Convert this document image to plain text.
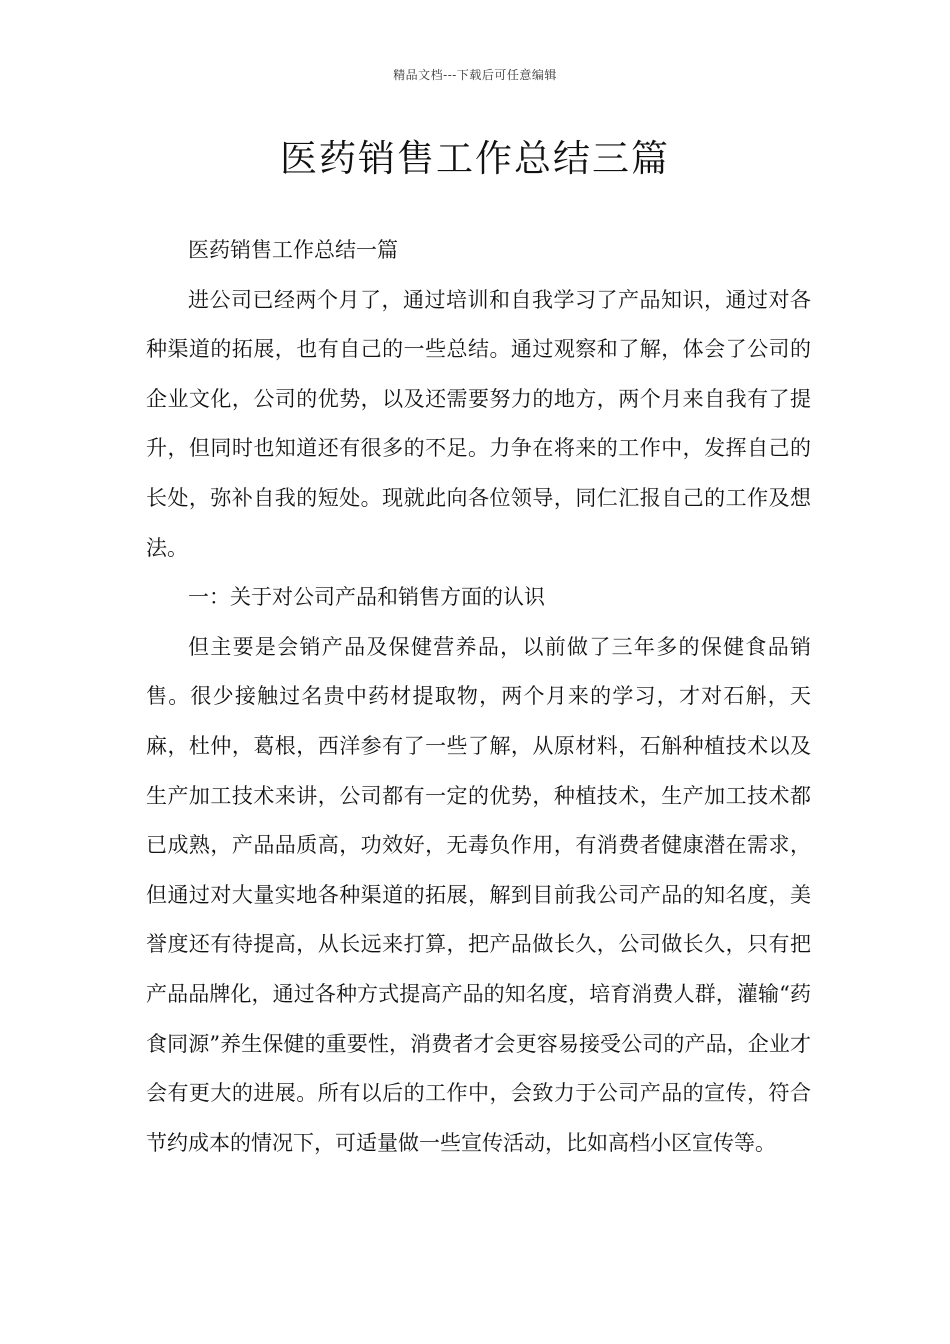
精品文档---下载后可任意编辑
医药销售工作总结三篇

医药销售工作总结一篇

进公司已经两个月了，通过培训和自我学习了产品知识，通过对各种渠道的拓展，也有自己的一些总结。通过观察和了解，体会了公司的企业文化，公司的优势，以及还需要努力的地方，两个月来自我有了提升，但同时也知道还有很多的不足。力争在将来的工作中，发挥自己的长处，弥补自我的短处。现就此向各位领导，同仁汇报自己的工作及想法。

一：关于对公司产品和销售方面的认识

但主要是会销产品及保健营养品，以前做了三年多的保健食品销售。很少接触过名贵中药材提取物，两个月来的学习，才对石斛，天麻，杜仲，葛根，西洋参有了一些了解，从原材料，石斛种植技术以及生产加工技术来讲，公司都有一定的优势，种植技术，生产加工技术都已成熟，产品品质高，功效好，无毒负作用，有消费者健康潜在需求，但通过对大量实地各种渠道的拓展，解到目前我公司产品的知名度，美誉度还有待提高，从长远来打算，把产品做长久，公司做长久，只有把产品品牌化，通过各种方式提高产品的知名度，培育消费人群，灌输“药食同源”养生保健的重要性，消费者才会更容易接受公司的产品，企业才会有更大的进展。所有以后的工作中，会致力于公司产品的宣传，符合节约成本的情况下，可适量做一些宣传活动，比如高档小区宣传等。
